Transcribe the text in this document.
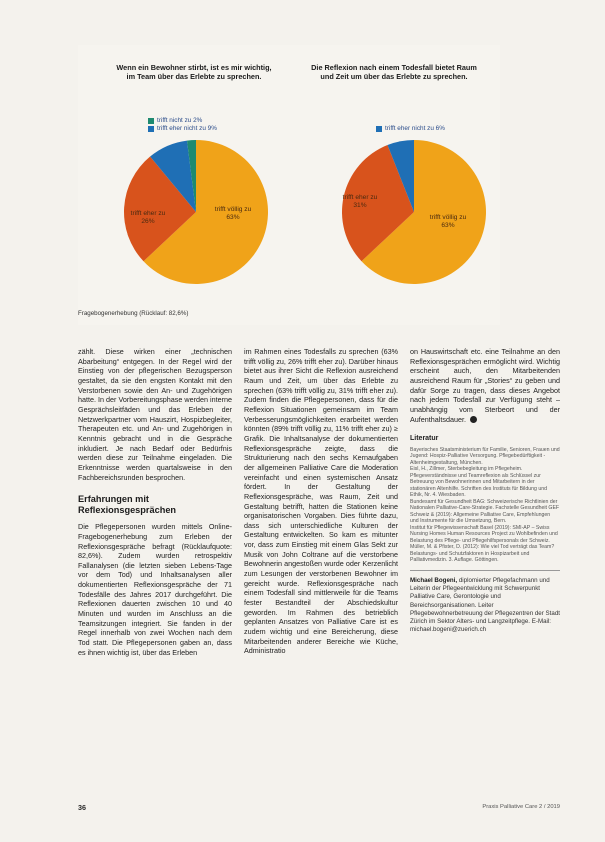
Wenn ein Bewohner stirbt, ist es mir wichtig, im Team über das Erlebte zu sprechen.
trifft nicht zu 2%
trifft eher nicht zu 9%
trifft eher zu
26%
trifft völlig zu
63%
Die Reflexion nach einem Todesfall bietet Raum und Zeit um über das Erlebte zu sprechen.
trifft eher nicht zu 6%
trifft eher zu
31%
trifft völlig zu
63%
Fragebogenerhebung (Rücklauf: 82,6%)

zählt. Diese wirken einer „technischen Abarbeitung“ entgegen. In der Regel wird der Einstieg von der pflegerischen Bezugsperson gestaltet, da sie den engsten Kontakt mit den Verstorbenen sowie den An- und Zugehörigen hatte. In der Vorbereitungsphase werden interne Gesprächsleitfäden und das Erleben der Netzwerkpartner vom Hauszirt, Hospizbegleiter, Therapeuten etc. und An- und Zugehörigen in Kenntnis gebracht und in die Gespräche inkludiert. Je nach Bedarf oder Bedürfnis werden diese zur Teilnahme eingeladen. Die Erkenntnisse werden quartalsweise in den Fachbereichsrunden besprochen.

Erfahrungen mit Reflexionsgesprächen

Die Pflegepersonen wurden mittels Online-Fragebogenerhebung zum Erleben der Reflexionsgespräche befragt (Rücklaufquote: 82,6%). Zudem wurden retrospektiv Fallanalysen (die letzten sieben Lebens-Tage vor dem Tod) und Inhaltsanalysen aller dokumentierten Reflexionsgespräche der 71 Todesfälle des Jahres 2017 durchgeführt. Die Reflexionen dauerten zwischen 10 und 40 Minuten und wurden im Anschluss an die Teamsitzungen integriert. Sie fanden in der Regel innerhalb von zwei Wochen nach dem Tod statt. Die Pflegepersonen gaben an, dass es ihnen wichtig ist, über das Erleben

im Rahmen eines Todesfalls zu sprechen (63% trifft völlig zu, 26% trifft eher zu). Darüber hinaus bietet aus ihrer Sicht die Reflexion ausreichend Raum und Zeit, um über das Erlebte zu sprechen (63% trifft völlig zu, 31% trifft eher zu). Zudem finden die Pflegepersonen, dass für die Reflexion Situationen gemeinsam im Team Verbesserungsmöglichkeiten erarbeitet werden könnten (89% trifft völlig zu, 11% trifft eher zu) ≥ Grafik. Die Inhaltsanalyse der dokumentierten Reflexionsgespräche zeigte, dass die Strukturierung nach den sechs Kernaufgaben der allgemeinen Palliative Care die Moderation vereinfacht und einen systemischen Ansatz fördert. In der Gestaltung der Reflexionsgespräche, was Raum, Zeit und Gestaltung betrifft, hatten die Stationen keine organisatorischen Vorgaben. Dies führte dazu, dass sich unterschiedliche Kulturen der Gestaltung entwickelten. So kam es mitunter vor, dass zum Einstieg mit einem Glas Sekt zur Musik von John Coltrane auf die verstorbene Bewohnerin angestoßen wurde oder Kerzenlicht zum Lesungen der verstorbenen Bewohner im gereicht wurde. Reflexionsgespräche nach einem Todesfall sind mittlerweile für die Teams fester Bestandteil der Abschiedskultur geworden. Im Rahmen des betrieblich geplanten Ansatzes von Palliative Care ist es zudem wichtig und eine Bereicherung, diese Mitarbeitenden anderer Bereiche wie Küche, Administratio

on Hauswirtschaft etc. eine Teilnahme an den Reflexionsgesprächen ermöglicht wird. Wichtig erscheint auch, den Mitarbeitenden ausreichend Raum für „Stories“ zu geben und dafür Sorge zu tragen, dass dieses Angebot nach jedem Todesfall zur Verfügung steht – unabhängig vom Sterbeort und der Aufenthaltsdauer.

Literatur

Bayerisches Staatsministerium für Familie, Senioren, Frauen und Jugend: Hospiz-Palliative Versorgung. Pflegebedürftigkeit - Altenheimgestaltung, München.

Eisl, H., Zillmer, Sterbebegleitung im Pflegeheim. Pflegeverständnisse und Teamreflexion als Schlüssel zur Betreuung von Bewohnerinnen und Mitarbeitern in der stationären Altenhilfe. Schriften des Instituts für Bildung und Ethik, Nr. 4. Wiesbaden.

Bundesamt für Gesundheit BAG: Schweizerische Richtlinien der Nationalen Palliative-Care-Strategie. Fachstelle Gesundheit GEF Schweiz & (2019): Allgemeine Palliative Care, Empfehlungen und Instrumente für die Umsetzung, Bern.

Institut für Pflegewissenschaft Basel (2019): SMI-AP – Swiss Nursing Homes Human Resources Project zu Wohlbefinden und Belastung des Pflege- und Pflegehilfspersonals der Schweiz.

Müller, M. & Pfister, D. (2012): Wie viel Tod verträgt das Team? Belastungs- und Schutzfaktoren in Hospizarbeit und Palliativmedizin. 3. Auflage. Göttingen.

Michael Bogeni, diplomierter Pflegefachmann und Leiterin der Pflegeentwicklung mit Schwerpunkt Palliative Care, Gerontologie und Bereichsorganisationen. Leiter Pflegebewohnerbetreuung der Pflegezentren der Stadt Zürich im Sektor Alters- und Langzeitpflege. E-Mail: michael.bogeni@zuerich.ch

36	Praxis Palliative Care 2 / 2019
